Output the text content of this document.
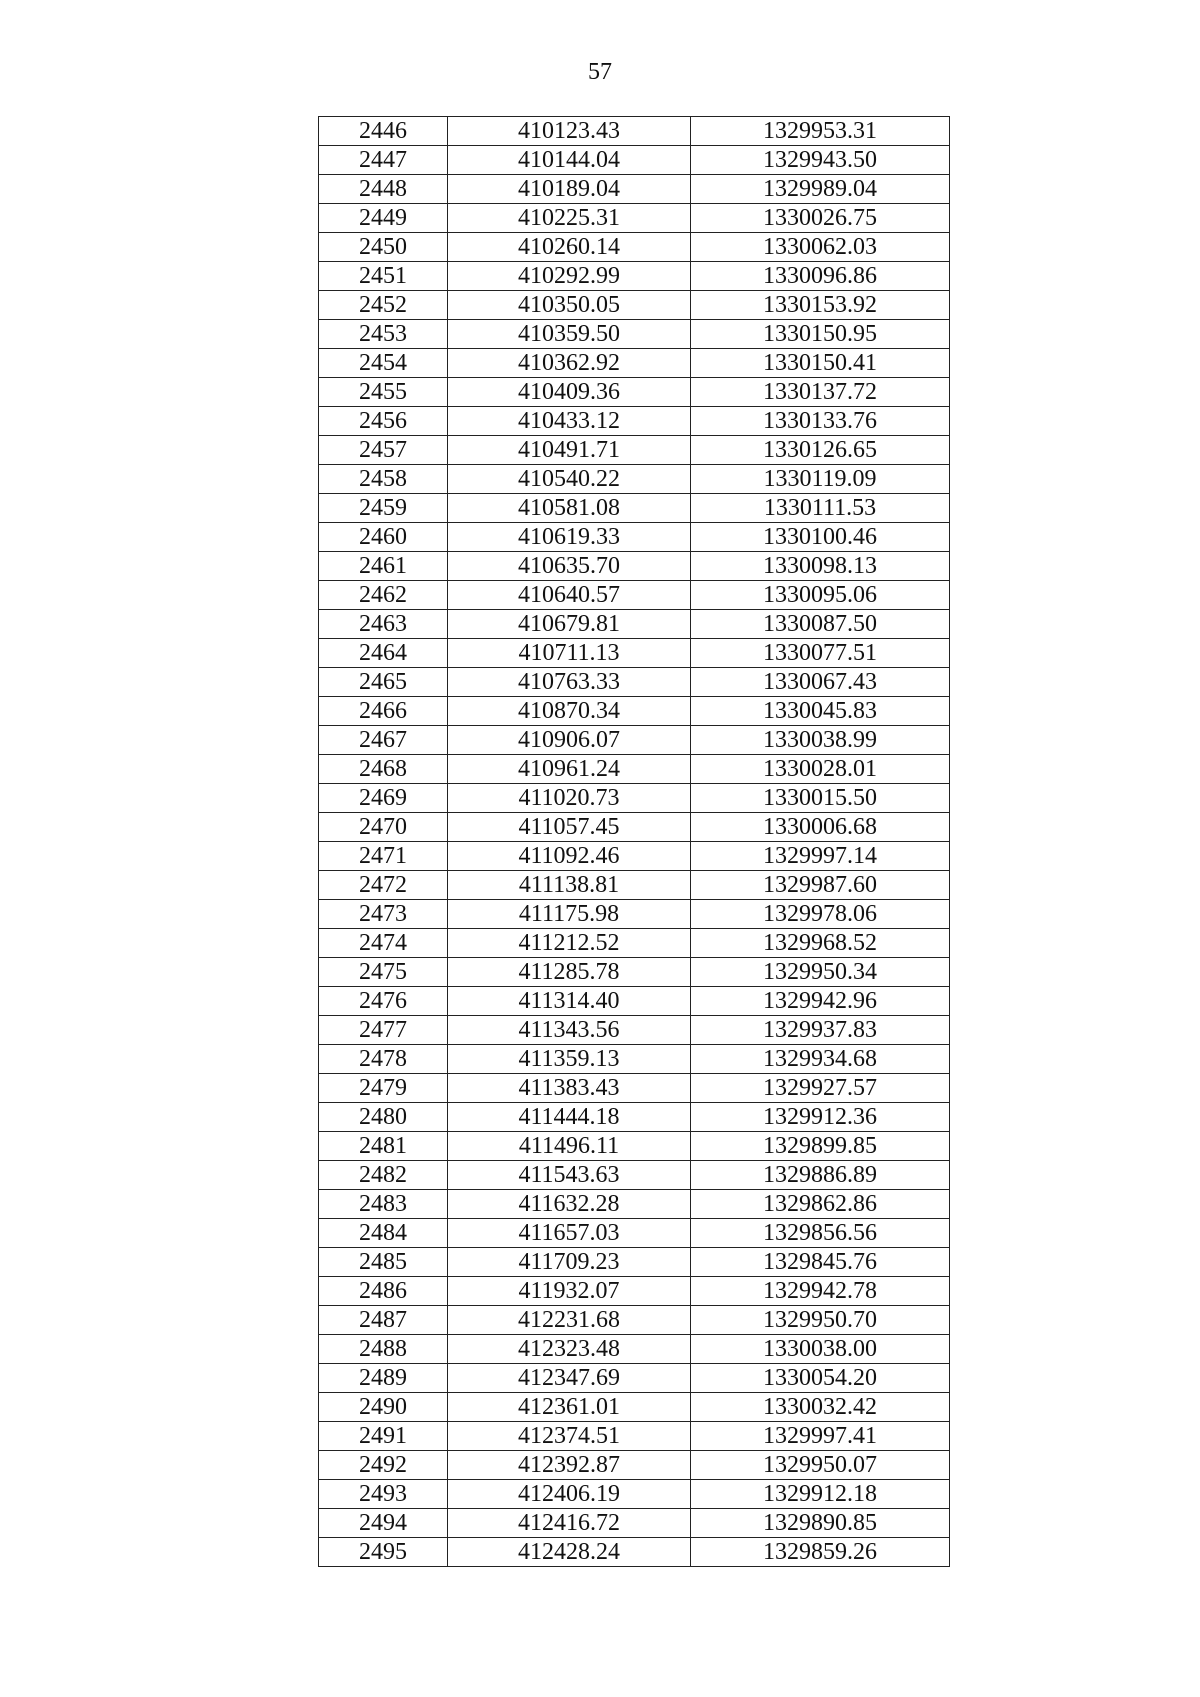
57
2446	410123.43	1329953.31
2447	410144.04	1329943.50
2448	410189.04	1329989.04
2449	410225.31	1330026.75
2450	410260.14	1330062.03
2451	410292.99	1330096.86
2452	410350.05	1330153.92
2453	410359.50	1330150.95
2454	410362.92	1330150.41
2455	410409.36	1330137.72
2456	410433.12	1330133.76
2457	410491.71	1330126.65
2458	410540.22	1330119.09
2459	410581.08	1330111.53
2460	410619.33	1330100.46
2461	410635.70	1330098.13
2462	410640.57	1330095.06
2463	410679.81	1330087.50
2464	410711.13	1330077.51
2465	410763.33	1330067.43
2466	410870.34	1330045.83
2467	410906.07	1330038.99
2468	410961.24	1330028.01
2469	411020.73	1330015.50
2470	411057.45	1330006.68
2471	411092.46	1329997.14
2472	411138.81	1329987.60
2473	411175.98	1329978.06
2474	411212.52	1329968.52
2475	411285.78	1329950.34
2476	411314.40	1329942.96
2477	411343.56	1329937.83
2478	411359.13	1329934.68
2479	411383.43	1329927.57
2480	411444.18	1329912.36
2481	411496.11	1329899.85
2482	411543.63	1329886.89
2483	411632.28	1329862.86
2484	411657.03	1329856.56
2485	411709.23	1329845.76
2486	411932.07	1329942.78
2487	412231.68	1329950.70
2488	412323.48	1330038.00
2489	412347.69	1330054.20
2490	412361.01	1330032.42
2491	412374.51	1329997.41
2492	412392.87	1329950.07
2493	412406.19	1329912.18
2494	412416.72	1329890.85
2495	412428.24	1329859.26
